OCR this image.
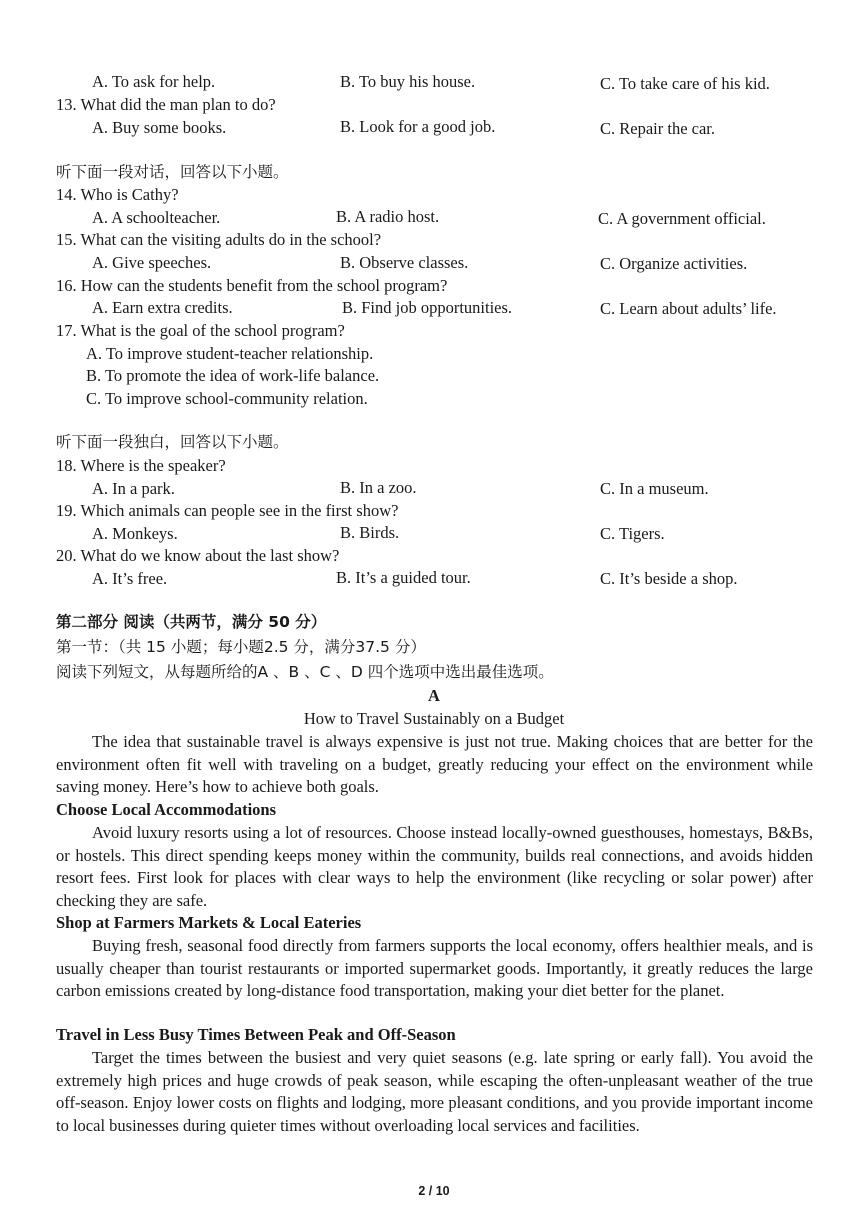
A. To ask for help.	B. To buy his house.	C. To take care of his kid.
13. What did the man plan to do?
A. Buy some books.	B. Look for a good job.	C. Repair the car.
听下面一段对话，回答以下小题。
14. Who is Cathy?
A. A schoolteacher.	B. A radio host.	C. A government official.
15. What can the visiting adults do in the school?
A. Give speeches.	B. Observe classes.	C. Organize activities.
16. How can the students benefit from the school program?
A. Earn extra credits.	B. Find job opportunities.	C. Learn about adults’ life.
17. What is the goal of the school program?
A. To improve student-teacher relationship.
B. To promote the idea of work-life balance.
C. To improve school-community relation.
听下面一段独白，回答以下小题。
18. Where is the speaker?
A. In a park.	B. In a zoo.	C. In a museum.
19. Which animals can people see in the first show?
A. Monkeys.	B. Birds.	C. Tigers.
20. What do we know about the last show?
A. It’s free.	B. It’s a guided tour.	C. It’s beside a shop.
第二部分 阅读（共两节，满分 50 分）
第一节：（共 15 小题；每小题2.5 分，满分37.5 分）
阅读下列短文，从每题所给的A 、B 、C 、D 四个选项中选出最佳选项。
A
How to Travel Sustainably on a Budget
The idea that sustainable travel is always expensive is just not true. Making choices that are better for the environment often fit well with traveling on a budget, greatly reducing your effect on the environment while saving money. Here’s how to achieve both goals.
Choose Local Accommodations
Avoid luxury resorts using a lot of resources. Choose instead locally-owned guesthouses, homestays, B&Bs, or hostels. This direct spending keeps money within the community, builds real connections, and avoids hidden resort fees. First look for places with clear ways to help the environment (like recycling or solar power) after checking they are safe.
Shop at Farmers Markets & Local Eateries
Buying fresh, seasonal food directly from farmers supports the local economy, offers healthier meals, and is usually cheaper than tourist restaurants or imported supermarket goods. Importantly, it greatly reduces the large carbon emissions created by long-distance food transportation, making your diet better for the planet.
Travel in Less Busy Times Between Peak and Off-Season
Target the times between the busiest and very quiet seasons (e.g. late spring or early fall). You avoid the extremely high prices and huge crowds of peak season, while escaping the often-unpleasant weather of the true off-season. Enjoy lower costs on flights and lodging, more pleasant conditions, and you provide important income to local businesses during quieter times without overloading local services and facilities.
2 / 10
